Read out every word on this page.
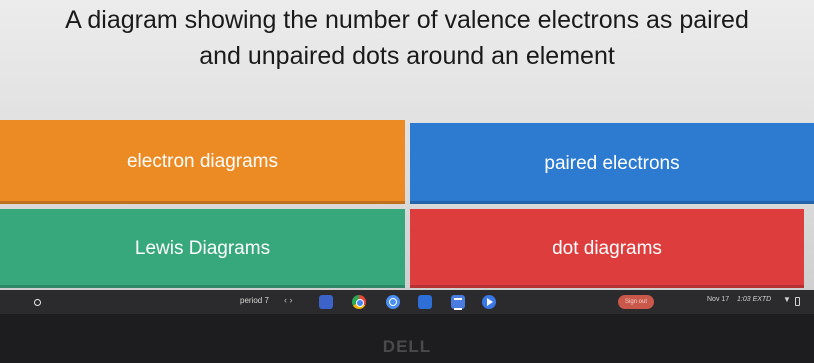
A diagram showing the number of valence electrons as paired
and unpaired dots around an element
electron diagrams	paired electrons
Lewis Diagrams	dot diagrams
period 7 ‹ ›	Sign out	Nov 17 1:03 EXTD ▼
DELL
